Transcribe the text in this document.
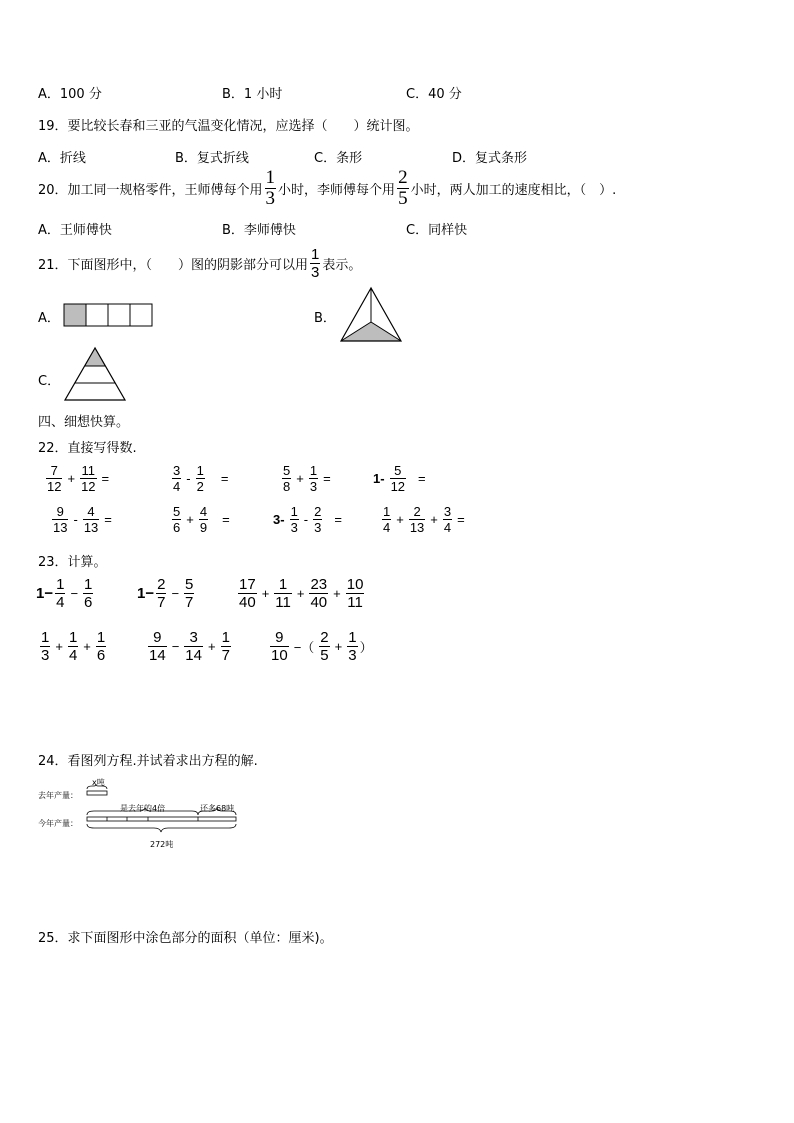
A．100 分	B．1 小时	C．40 分
19．要比较长春和三亚的气温变化情况，应选择（　　）统计图。
A．折线	B．复式折线	C．条形	D．复式条形
20．加工同一规格零件，王师傅每个用 $\frac{1}{3}$ 小时，李师傅每个用 $\frac{2}{5}$ 小时，两人加工的速度相比，（　）.
A．王师傅快	B．李师傅快	C．同样快
21．下面图形中，（　　）图的阴影部分可以用 $\frac{1}{3}$ 表示。
A．	B．
C．
四、细想快算。
22．直接写得数.
$\frac{7}{12} + \frac{11}{12}$ =	$\frac{3}{4} - \frac{1}{2}$ =	$\frac{5}{8} + \frac{1}{3}$ =	$1- \frac{5}{12}$ =
$\frac{9}{13} - \frac{4}{13}$ =	$\frac{5}{6} + \frac{4}{9}$ =	$3- \frac{1}{3} - \frac{2}{3}$ =	$\frac{1}{4} + \frac{2}{13} + \frac{3}{4}$ =
23．计算。
$1- \frac{1}{4} - \frac{1}{6}$	$1- \frac{2}{7} - \frac{5}{7}$	$\frac{17}{40} + \frac{1}{11} + \frac{23}{40} + \frac{10}{11}$
$\frac{1}{3} + \frac{1}{4} + \frac{1}{6}$	$\frac{9}{14} - \frac{3}{14} + \frac{1}{7}$	$\frac{9}{10}$ −（ $\frac{2}{5} + \frac{1}{3}$ ）
24．看图列方程.并试着求出方程的解.
去年产量：
今年产量：
x吨
是去年的4倍	还多68吨
272吨
25．求下面图形中涂色部分的面积（单位：厘米)。
